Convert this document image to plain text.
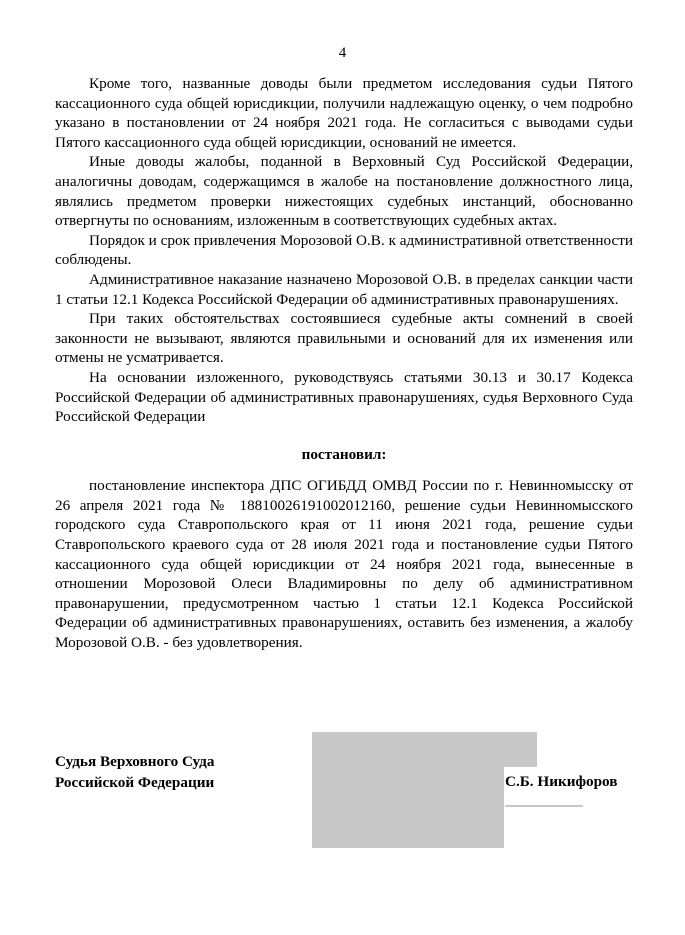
4

Кроме того, названные доводы были предметом исследования судьи Пятого кассационного суда общей юрисдикции, получили надлежащую оценку, о чем подробно указано в постановлении от 24 ноября 2021 года. Не согласиться с выводами судьи Пятого кассационного суда общей юрисдикции, оснований не имеется.

Иные доводы жалобы, поданной в Верховный Суд Российской Федерации, аналогичны доводам, содержащимся в жалобе на постановление должностного лица, являлись предметом проверки нижестоящих судебных инстанций, обоснованно отвергнуты по основаниям, изложенным в соответствующих судебных актах.

Порядок и срок привлечения Морозовой О.В. к административной ответственности соблюдены.

Административное наказание назначено Морозовой О.В. в пределах санкции части 1 статьи 12.1 Кодекса Российской Федерации об административных правонарушениях.

При таких обстоятельствах состоявшиеся судебные акты сомнений в своей законности не вызывают, являются правильными и оснований для их изменения или отмены не усматривается.

На основании изложенного, руководствуясь статьями 30.13 и 30.17 Кодекса Российской Федерации об административных правонарушениях, судья Верховного Суда Российской Федерации

постановил:

постановление инспектора ДПС ОГИБДД ОМВД России по г. Невинномысску от 26 апреля 2021 года № 18810026191002012160, решение судьи Невинномысского городского суда Ставропольского края от 11 июня 2021 года, решение судьи Ставропольского краевого суда от 28 июля 2021 года и постановление судьи Пятого кассационного суда общей юрисдикции от 24 ноября 2021 года, вынесенные в отношении Морозовой Олеси Владимировны по делу об административном правонарушении, предусмотренном частью 1 статьи 12.1 Кодекса Российской Федерации об административных правонарушениях, оставить без изменения, а жалобу Морозовой О.В. - без удовлетворения.

Судья Верховного Суда
Российской Федерации	С.Б. Никифоров
